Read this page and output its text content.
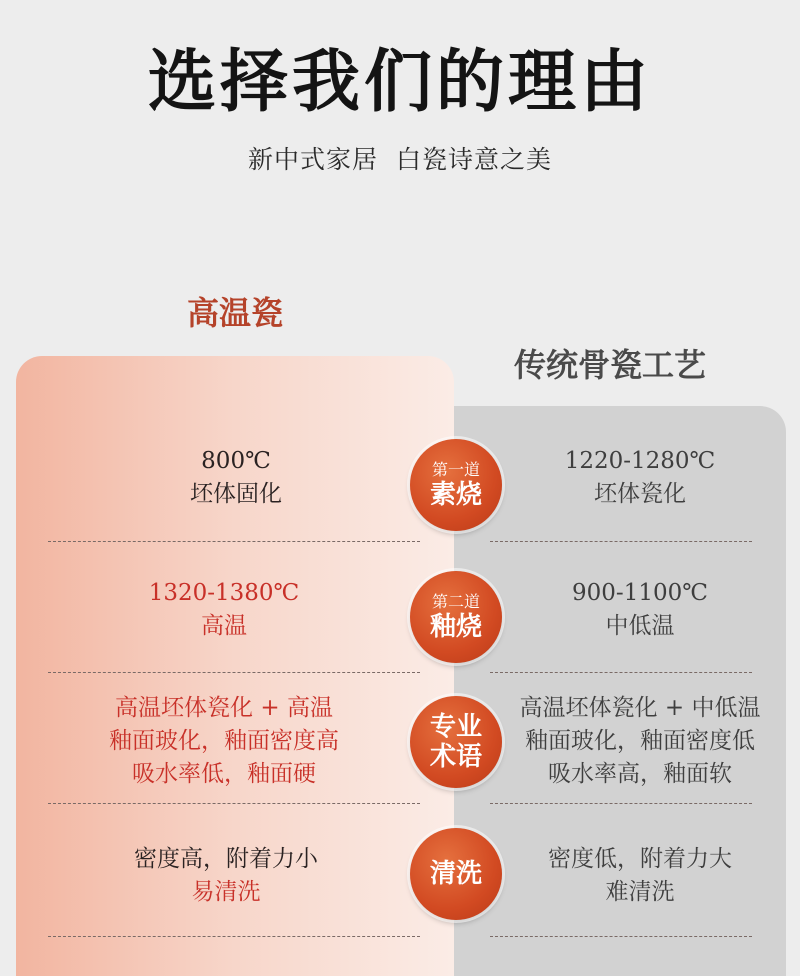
选择我们的理由
新中式家居  白瓷诗意之美
高温瓷
传统骨瓷工艺
800℃
坯体固化
第一道
素烧
1220-1280℃
坯体瓷化
1320-1380℃
高温
第二道
釉烧
900-1100℃
中低温
高温坯体瓷化 + 高温
釉面玻化，釉面密度高
吸水率低，釉面硬
专业
术语
高温坯体瓷化 + 中低温
釉面玻化，釉面密度低
吸水率高，釉面软
密度高，附着力小
易清洗
清洗	密度低，附着力大
难清洗
